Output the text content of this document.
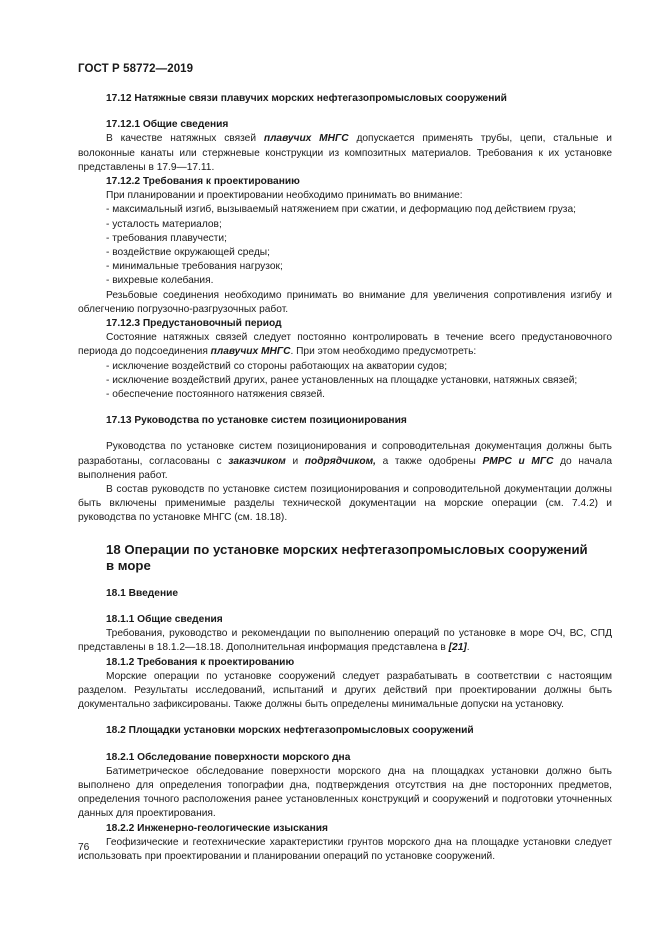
ГОСТ Р 58772—2019
17.12 Натяжные связи плавучих морских нефтегазопромысловых сооружений
17.12.1 Общие сведения
В качестве натяжных связей плавучих МНГС допускается применять трубы, цепи, стальные и волоконные канаты или стержневые конструкции из композитных материалов. Требования к их установке представлены в 17.9—17.11.
17.12.2 Требования к проектированию
При планировании и проектировании необходимо принимать во внимание:
- максимальный изгиб, вызываемый натяжением при сжатии, и деформацию под действием груза;
- усталость материалов;
- требования плавучести;
- воздействие окружающей среды;
- минимальные требования нагрузок;
- вихревые колебания.
Резьбовые соединения необходимо принимать во внимание для увеличения сопротивления изгибу и облегчению погрузочно-разгрузочных работ.
17.12.3 Предустановочный период
Состояние натяжных связей следует постоянно контролировать в течение всего предустановочного периода до подсоединения плавучих МНГС. При этом необходимо предусмотреть:
- исключение воздействий со стороны работающих на акватории судов;
- исключение воздействий других, ранее установленных на площадке установки, натяжных связей;
- обеспечение постоянного натяжения связей.
17.13 Руководства по установке систем позиционирования
Руководства по установке систем позиционирования и сопроводительная документация должны быть разработаны, согласованы с заказчиком и подрядчиком, а также одобрены РМРС и МГС до начала выполнения работ.
В состав руководств по установке систем позиционирования и сопроводительной документации должны быть включены применимые разделы технической документации на морские операции (см. 7.4.2) и руководства по установке МНГС (см. 18.18).
18 Операции по установке морских нефтегазопромысловых сооружений в море
18.1 Введение
18.1.1 Общие сведения
Требования, руководство и рекомендации по выполнению операций по установке в море ОЧ, ВС, СПД представлены в 18.1.2—18.18. Дополнительная информация представлена в [21].
18.1.2 Требования к проектированию
Морские операции по установке сооружений следует разрабатывать в соответствии с настоящим разделом. Результаты исследований, испытаний и других действий при проектировании должны быть документально зафиксированы. Также должны быть определены минимальные допуски на установку.
18.2 Площадки установки морских нефтегазопромысловых сооружений
18.2.1 Обследование поверхности морского дна
Батиметрическое обследование поверхности морского дна на площадках установки должно быть выполнено для определения топографии дна, подтверждения отсутствия на дне посторонних предметов, определения точного расположения ранее установленных конструкций и сооружений и подготовки уточненных данных для проектирования.
18.2.2 Инженерно-геологические изыскания
Геофизические и геотехнические характеристики грунтов морского дна на площадке установки следует использовать при проектировании и планировании операций по установке сооружений.
76
